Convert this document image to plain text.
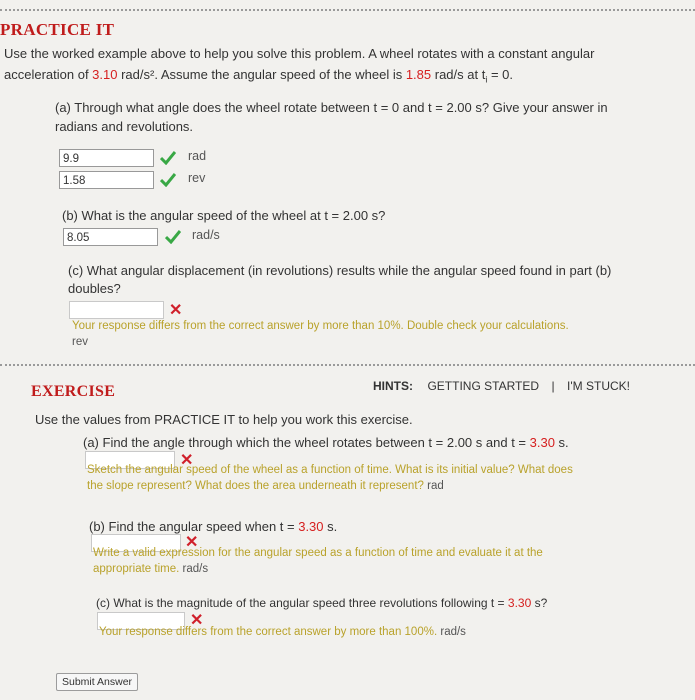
PRACTICE IT
Use the worked example above to help you solve this problem. A wheel rotates with a constant angular
acceleration of 3.10 rad/s². Assume the angular speed of the wheel is 1.85 rad/s at $t_i = 0$.
(a) Through what angle does the wheel rotate between t = 0 and t = 2.00 s? Give your answer in
radians and revolutions.
9.9	rad
1.58	rev
(b) What is the angular speed of the wheel at t = 2.00 s?
8.05	rad/s
(c) What angular displacement (in revolutions) results while the angular speed found in part (b)
doubles?
✕
Your response differs from the correct answer by more than 10%. Double check your calculations.
rev
EXERCISE	HINTS: GETTING STARTED | I'M STUCK!
Use the values from PRACTICE IT to help you work this exercise.
(a) Find the angle through which the wheel rotates between t = 2.00 s and t = 3.30 s.
✕
Sketch the angular speed of the wheel as a function of time. What is its initial value? What does
the slope represent? What does the area underneath it represent? rad
(b) Find the angular speed when t = 3.30 s.
✕
Write a valid expression for the angular speed as a function of time and evaluate it at the
appropriate time. rad/s
(c) What is the magnitude of the angular speed three revolutions following t = 3.30 s?
✕
Your response differs from the correct answer by more than 100%. rad/s
Submit Answer
